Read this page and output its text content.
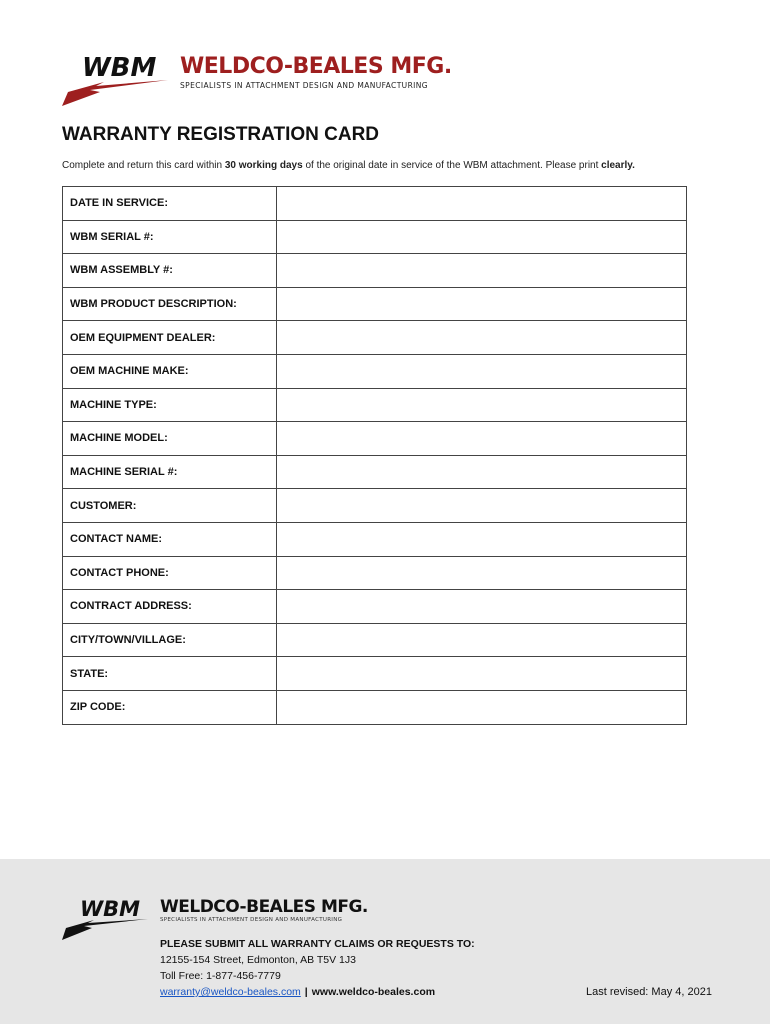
WBM WELDCO-BEALES MFG.
SPECIALISTS IN ATTACHMENT DESIGN AND MANUFACTURING
WARRANTY REGISTRATION CARD
Complete and return this card within 30 working days of the original date in service of the WBM attachment. Please print clearly.
DATE IN SERVICE:	
WBM SERIAL #:	
WBM ASSEMBLY #:	
WBM PRODUCT DESCRIPTION:	
OEM EQUIPMENT DEALER:	
OEM MACHINE MAKE:	
MACHINE TYPE:	
MACHINE MODEL:	
MACHINE SERIAL #:	
CUSTOMER:	
CONTACT NAME:	
CONTACT PHONE:	
CONTRACT ADDRESS:	
CITY/TOWN/VILLAGE:	
STATE:	
ZIP CODE:	
WBM WELDCO-BEALES MFG.
SPECIALISTS IN ATTACHMENT DESIGN AND MANUFACTURING
PLEASE SUBMIT ALL WARRANTY CLAIMS OR REQUESTS TO:
12155-154 Street, Edmonton, AB T5V 1J3
Toll Free: 1-877-456-7779
warranty@weldco-beales.com | www.weldco-beales.com	Last revised: May 4, 2021
